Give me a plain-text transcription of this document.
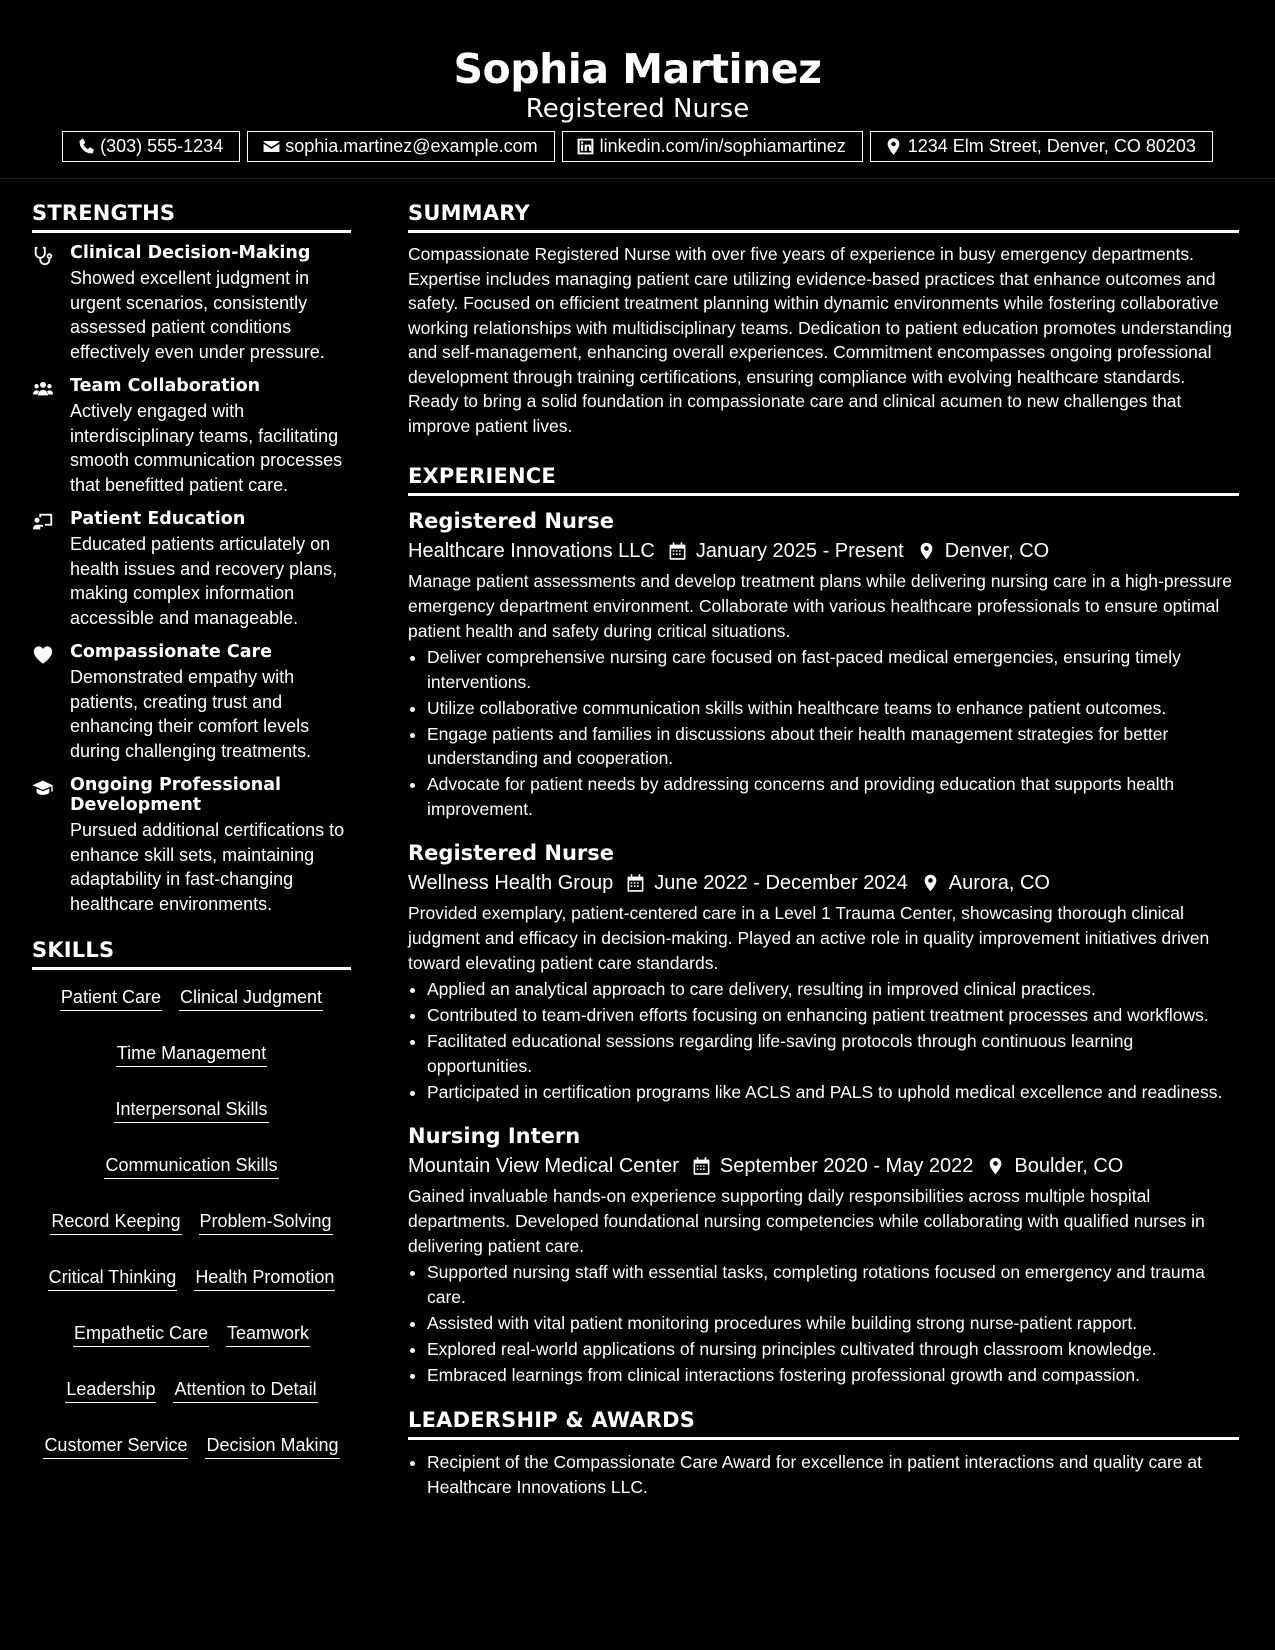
Sophia Martinez
Registered Nurse
(303) 555-1234	sophia.martinez@example.com	linkedin.com/in/sophiamartinez	1234 Elm Street, Denver, CO 80203
STRENGTHS
Clinical Decision-Making
Showed excellent judgment in urgent scenarios, consistently assessed patient conditions effectively even under pressure.
Team Collaboration
Actively engaged with interdisciplinary teams, facilitating smooth communication processes that benefitted patient care.
Patient Education
Educated patients articulately on health issues and recovery plans, making complex information accessible and manageable.
Compassionate Care
Demonstrated empathy with patients, creating trust and enhancing their comfort levels during challenging treatments.
Ongoing Professional Development
Pursued additional certifications to enhance skill sets, maintaining adaptability in fast-changing healthcare environments.
SKILLS
Patient Care Clinical Judgment
Time Management
Interpersonal Skills
Communication Skills
Record Keeping Problem-Solving
Critical Thinking Health Promotion
Empathetic Care Teamwork
Leadership Attention to Detail
Customer Service Decision Making
SUMMARY
Compassionate Registered Nurse with over five years of experience in busy emergency departments. Expertise includes managing patient care utilizing evidence-based practices that enhance outcomes and safety. Focused on efficient treatment planning within dynamic environments while fostering collaborative working relationships with multidisciplinary teams. Dedication to patient education promotes understanding and self-management, enhancing overall experiences. Commitment encompasses ongoing professional development through training certifications, ensuring compliance with evolving healthcare standards. Ready to bring a solid foundation in compassionate care and clinical acumen to new challenges that improve patient lives.
EXPERIENCE
Registered Nurse
Healthcare Innovations LLC January 2025 - Present Denver, CO
Manage patient assessments and develop treatment plans while delivering nursing care in a high-pressure emergency department environment. Collaborate with various healthcare professionals to ensure optimal patient health and safety during critical situations.
• Deliver comprehensive nursing care focused on fast-paced medical emergencies, ensuring timely interventions.
• Utilize collaborative communication skills within healthcare teams to enhance patient outcomes.
• Engage patients and families in discussions about their health management strategies for better understanding and cooperation.
• Advocate for patient needs by addressing concerns and providing education that supports health improvement.
Registered Nurse
Wellness Health Group June 2022 - December 2024 Aurora, CO
Provided exemplary, patient-centered care in a Level 1 Trauma Center, showcasing thorough clinical judgment and efficacy in decision-making. Played an active role in quality improvement initiatives driven toward elevating patient care standards.
• Applied an analytical approach to care delivery, resulting in improved clinical practices.
• Contributed to team-driven efforts focusing on enhancing patient treatment processes and workflows.
• Facilitated educational sessions regarding life-saving protocols through continuous learning opportunities.
• Participated in certification programs like ACLS and PALS to uphold medical excellence and readiness.
Nursing Intern
Mountain View Medical Center September 2020 - May 2022 Boulder, CO
Gained invaluable hands-on experience supporting daily responsibilities across multiple hospital departments. Developed foundational nursing competencies while collaborating with qualified nurses in delivering patient care.
• Supported nursing staff with essential tasks, completing rotations focused on emergency and trauma care.
• Assisted with vital patient monitoring procedures while building strong nurse-patient rapport.
• Explored real-world applications of nursing principles cultivated through classroom knowledge.
• Embraced learnings from clinical interactions fostering professional growth and compassion.
LEADERSHIP & AWARDS
• Recipient of the Compassionate Care Award for excellence in patient interactions and quality care at Healthcare Innovations LLC.
